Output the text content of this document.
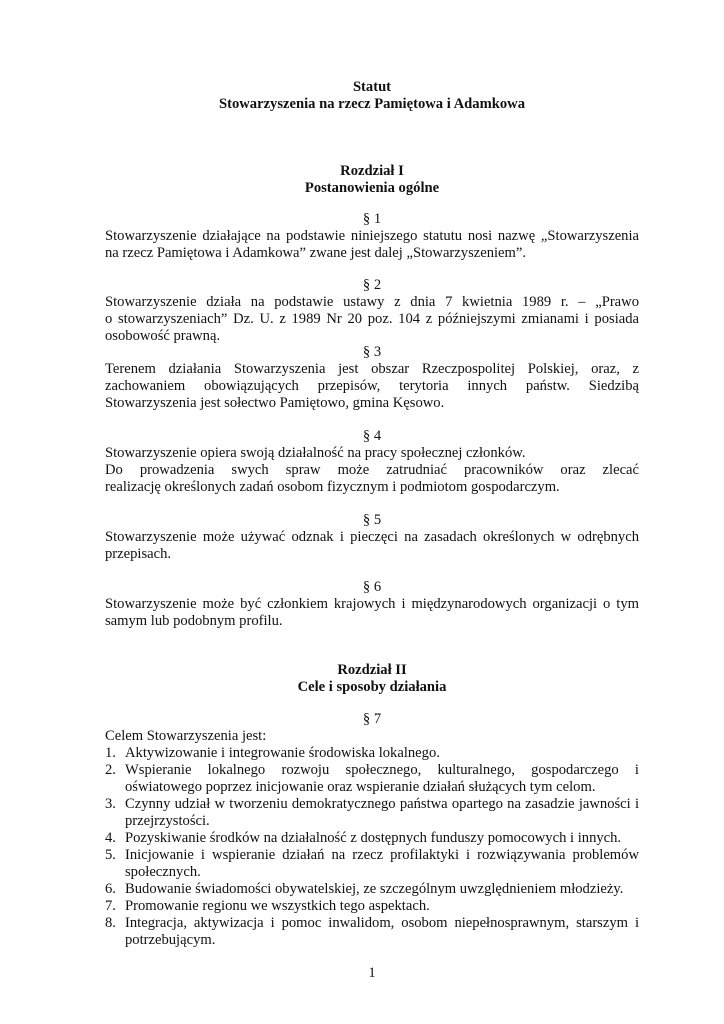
Statut
Stowarzyszenia na rzecz Pamiętowa i Adamkowa
Rozdział I
Postanowienia ogólne
§ 1

Stowarzyszenie działające na podstawie niniejszego statutu nosi nazwę „Stowarzyszenia

na rzecz Pamiętowa i Adamkowa” zwane jest dalej „Stowarzyszeniem”.

§ 2

Stowarzyszenie działa na podstawie ustawy z dnia 7 kwietnia 1989 r. – „Prawo

o stowarzyszeniach” Dz. U. z 1989 Nr 20 poz. 104 z późniejszymi zmianami i posiada

osobowość prawną.

§ 3

Terenem działania Stowarzyszenia jest obszar Rzeczpospolitej Polskiej, oraz, z

zachowaniem obowiązujących przepisów, terytoria innych państw. Siedzibą

Stowarzyszenia jest sołectwo Pamiętowo, gmina Kęsowo.

§ 4

Stowarzyszenie opiera swoją działalność na pracy społecznej członków.

Do prowadzenia swych spraw może zatrudniać pracowników oraz zlecać

realizację określonych zadań osobom fizycznym i podmiotom gospodarczym.

§ 5

Stowarzyszenie może używać odznak i pieczęci na zasadach określonych w odrębnych

przepisach.

§ 6

Stowarzyszenie może być członkiem krajowych i międzynarodowych organizacji o tym

samym lub podobnym profilu.

Rozdział II
Cele i sposoby działania
§ 7

Celem Stowarzyszenia jest:

1. Aktywizowanie i integrowanie środowiska lokalnego.
2. Wspieranie lokalnego rozwoju społecznego, kulturalnego, gospodarczego i oświatowego poprzez inicjowanie oraz wspieranie działań służących tym celom.
3. Czynny udział w tworzeniu demokratycznego państwa opartego na zasadzie jawności i przejrzystości.
4. Pozyskiwanie środków na działalność z dostępnych funduszy pomocowych i innych.
5. Inicjowanie i wspieranie działań na rzecz profilaktyki i rozwiązywania problemów społecznych.
6. Budowanie świadomości obywatelskiej, ze szczególnym uwzględnieniem młodzieży.
7. Promowanie regionu we wszystkich tego aspektach.
8. Integracja, aktywizacja i pomoc inwalidom, osobom niepełnosprawnym, starszym i potrzebującym.
1
